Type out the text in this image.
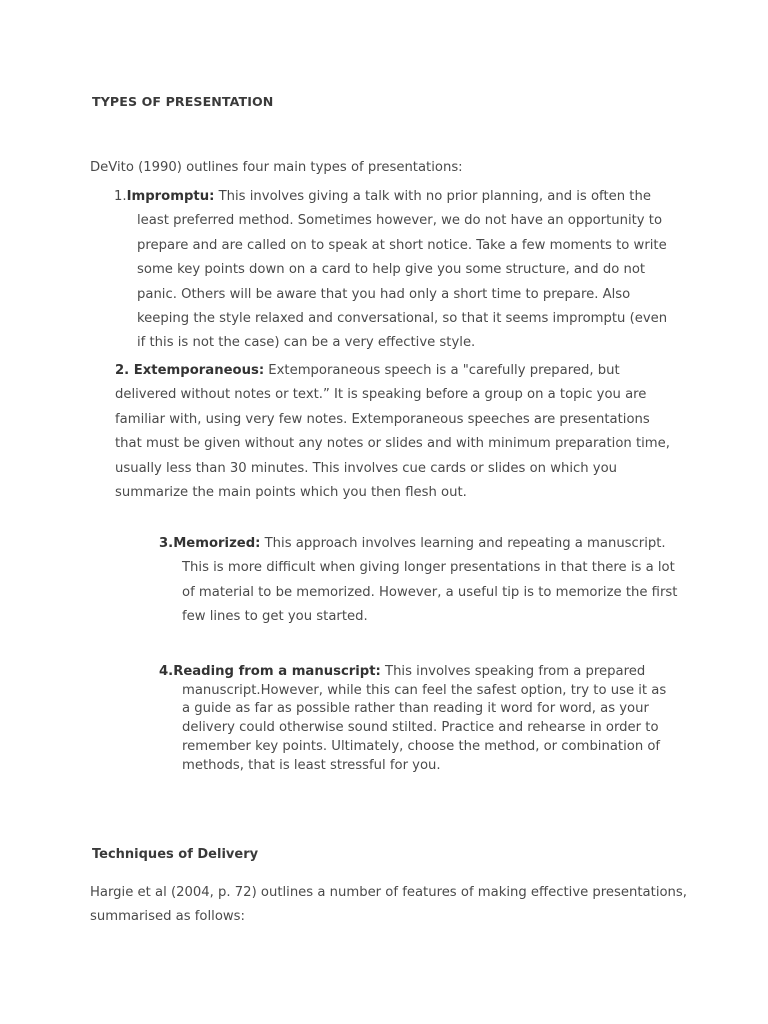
TYPES OF PRESENTATION

DeVito (1990) outlines four main types of presentations:

1.Impromptu: This involves giving a talk with no prior planning, and is often the least preferred method. Sometimes however, we do not have an opportunity to prepare and are called on to speak at short notice. Take a few moments to write some key points down on a card to help give you some structure, and do not panic. Others will be aware that you had only a short time to prepare. Also keeping the style relaxed and conversational, so that it seems impromptu (even if this is not the case) can be a very effective style.

2. Extemporaneous: Extemporaneous speech is a "carefully prepared, but delivered without notes or text.” It is speaking before a group on a topic you are familiar with, using very few notes. Extemporaneous speeches are presentations that must be given without any notes or slides and with minimum preparation time, usually less than 30 minutes. This involves cue cards or slides on which you summarize the main points which you then flesh out.

3.Memorized: This approach involves learning and repeating a manuscript. This is more difficult when giving longer presentations in that there is a lot of material to be memorized. However, a useful tip is to memorize the first few lines to get you started.

4.Reading from a manuscript: This involves speaking from a prepared manuscript.However, while this can feel the safest option, try to use it as a guide as far as possible rather than reading it word for word, as your delivery could otherwise sound stilted. Practice and rehearse in order to remember key points. Ultimately, choose the method, or combination of methods, that is least stressful for you.

Techniques of Delivery

Hargie et al (2004, p. 72) outlines a number of features of making effective presentations, summarised as follows:
